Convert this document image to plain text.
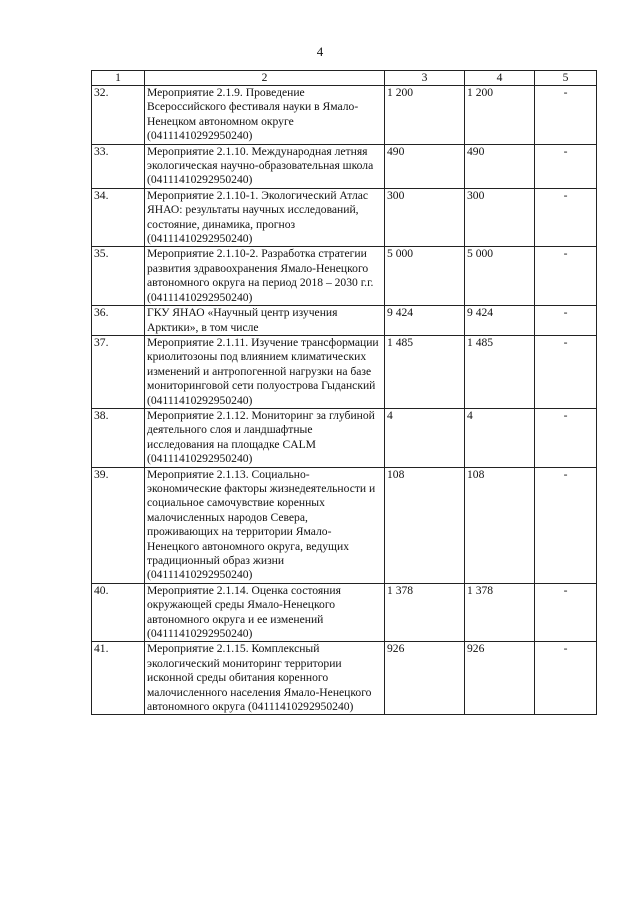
4
1	2	3	4	5
32.	Мероприятие 2.1.9. Проведение Всероссийского фестиваля науки в Ямало-Ненецком автономном округе (04111410292950240)	1 200	1 200	-
33.	Мероприятие 2.1.10. Международная летняя экологическая научно-образовательная школа (04111410292950240)	490	490	-
34.	Мероприятие 2.1.10-1. Экологический Атлас ЯНАО: результаты научных исследований, состояние, динамика, прогноз (04111410292950240)	300	300	-
35.	Мероприятие 2.1.10-2. Разработка стратегии развития здравоохранения Ямало-Ненецкого автономного округа на период 2018 – 2030 г.г. (04111410292950240)	5 000	5 000	-
36.	ГКУ ЯНАО «Научный центр изучения Арктики», в том числе	9 424	9 424	-
37.	Мероприятие 2.1.11. Изучение трансформации криолитозоны под влиянием климатических изменений и антропогенной нагрузки на базе мониторинговой сети полуострова Гыданский (04111410292950240)	1 485	1 485	-
38.	Мероприятие 2.1.12. Мониторинг за глубиной деятельного слоя и ландшафтные исследования на площадке CALM (04111410292950240)	4	4	-
39.	Мероприятие 2.1.13. Социально-экономические факторы жизнедеятельности и социальное самочувствие коренных малочисленных народов Севера, проживающих на территории Ямало-Ненецкого автономного округа, ведущих традиционный образ жизни (04111410292950240)	108	108	-
40.	Мероприятие 2.1.14. Оценка состояния окружающей среды Ямало-Ненецкого автономного округа и ее изменений (04111410292950240)	1 378	1 378	-
41.	Мероприятие 2.1.15. Комплексный экологический мониторинг территории исконной среды обитания коренного малочисленного населения Ямало-Ненецкого автономного округа (04111410292950240)	926	926	-
